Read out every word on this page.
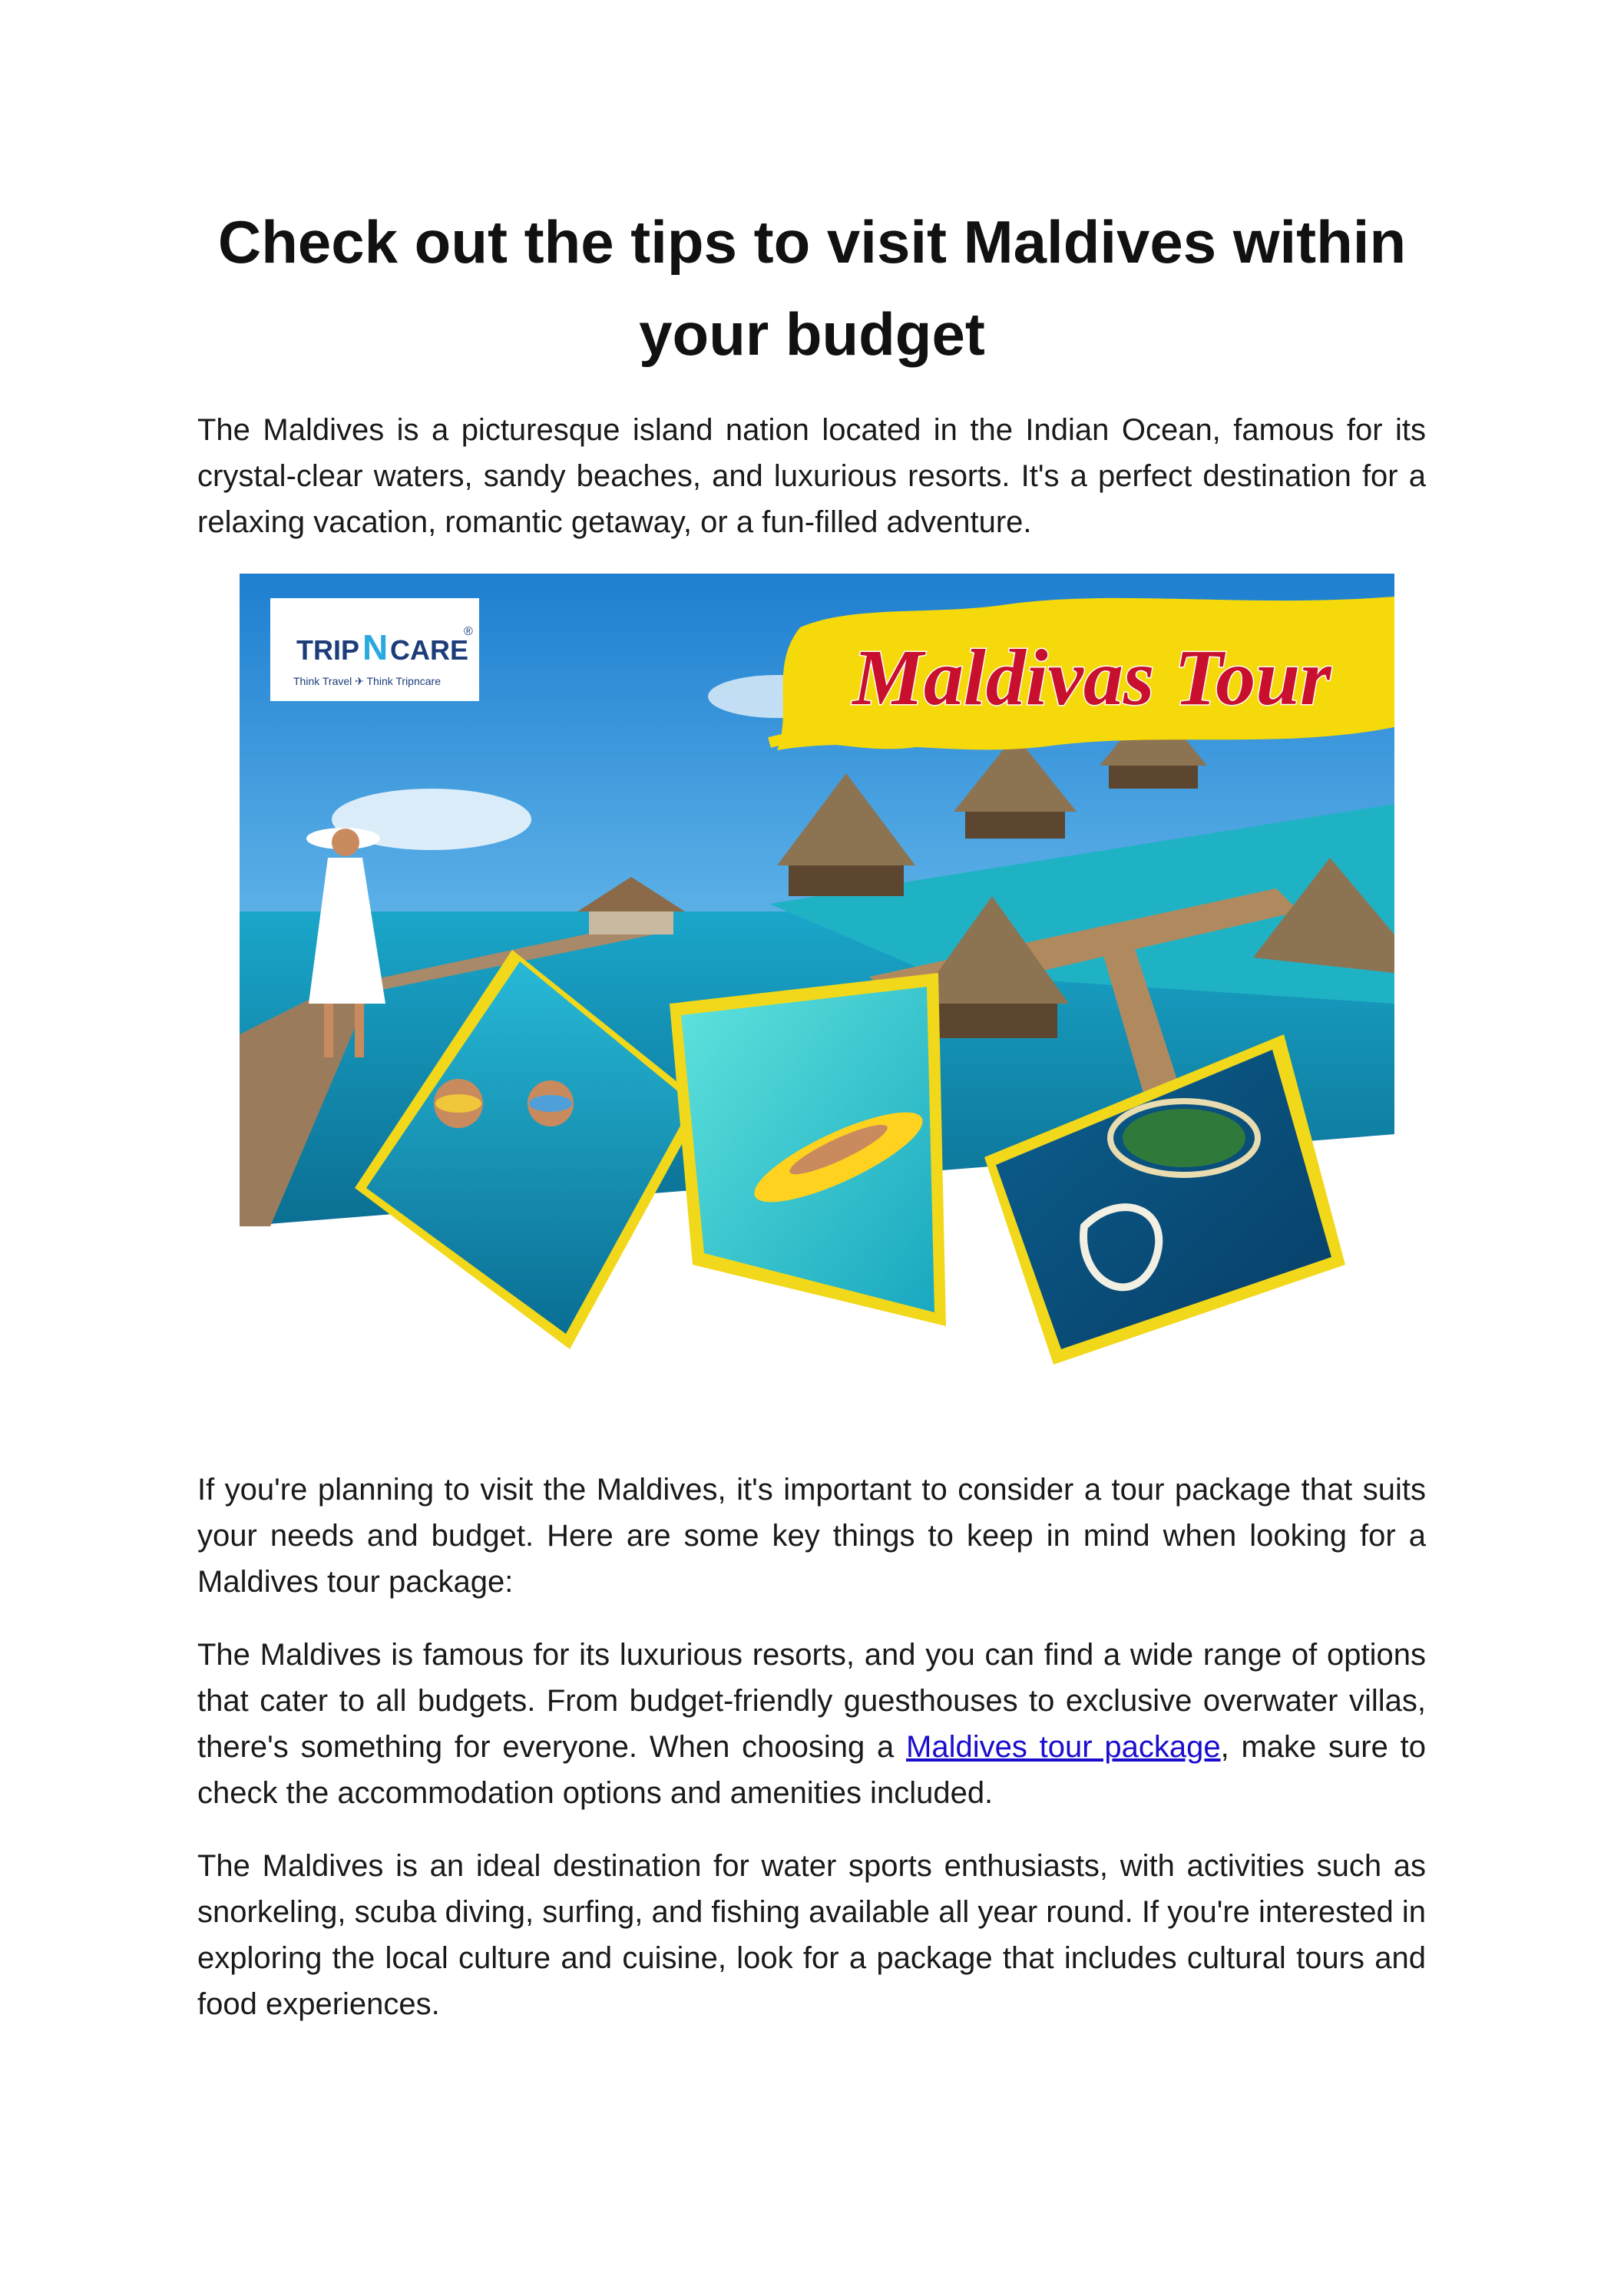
Check out the tips to visit Maldives within your budget

The Maldives is a picturesque island nation located in the Indian Ocean, famous for its crystal-clear waters, sandy beaches, and luxurious resorts. It's a perfect destination for a relaxing vacation, romantic getaway, or a fun-filled adventure.

Maldivas Tour
TRIP N CARE
®
Think Travel ✈ Think Tripncare

If you're planning to visit the Maldives, it's important to consider a tour package that suits your needs and budget. Here are some key things to keep in mind when looking for a Maldives tour package:

The Maldives is famous for its luxurious resorts, and you can find a wide range of options that cater to all budgets. From budget-friendly guesthouses to exclusive overwater villas, there's something for everyone. When choosing a Maldives tour package, make sure to check the accommodation options and amenities included.

The Maldives is an ideal destination for water sports enthusiasts, with activities such as snorkeling, scuba diving, surfing, and fishing available all year round. If you're interested in exploring the local culture and cuisine, look for a package that includes cultural tours and food experiences.
